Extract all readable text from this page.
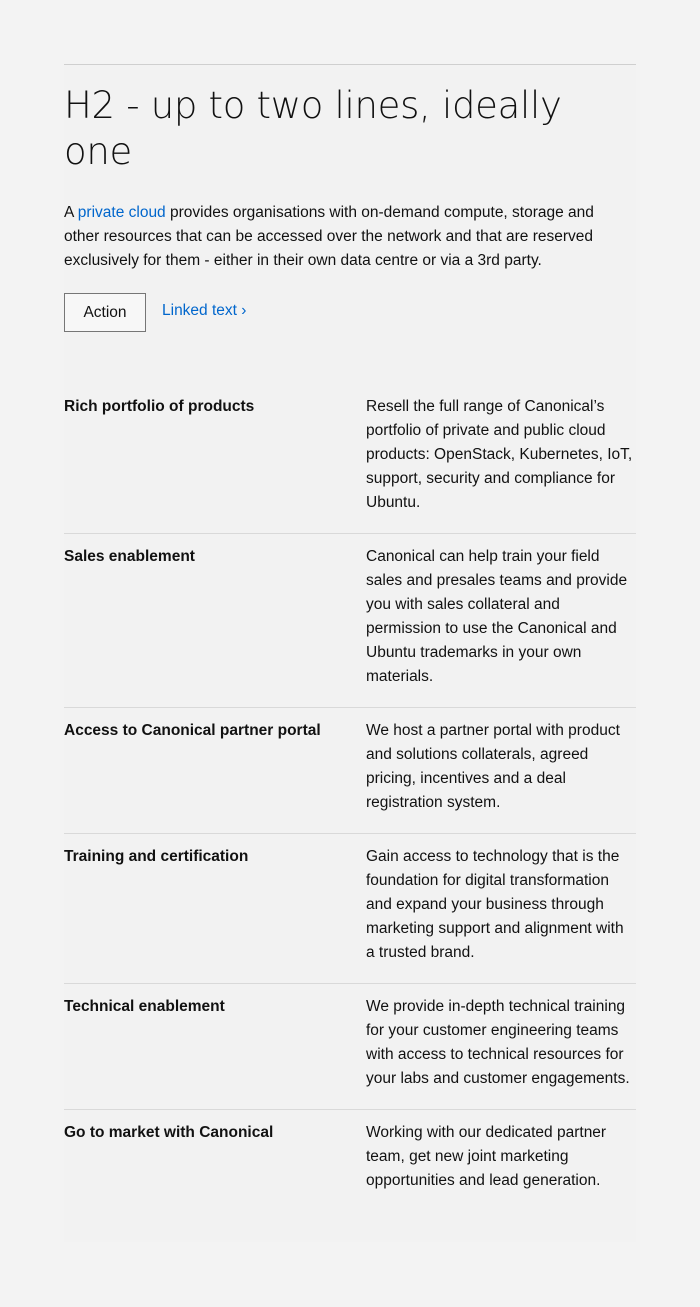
H2 - up to two lines, ideally one

A private cloud provides organisations with on-demand compute, storage and other resources that can be accessed over the network and that are reserved exclusively for them - either in their own data centre or via a 3rd party.

Action	Linked text ›
Rich portfolio of products	Resell the full range of Canonical’s portfolio of private and public cloud products: OpenStack, Kubernetes, IoT, support, security and compliance for Ubuntu.
Sales enablement	Canonical can help train your field sales and presales teams and provide you with sales collateral and permission to use the Canonical and Ubuntu trademarks in your own materials.
Access to Canonical partner portal	We host a partner portal with product and solutions collaterals, agreed pricing, incentives and a deal registration system.
Training and certification	Gain access to technology that is the foundation for digital transformation and expand your business through marketing support and alignment with a trusted brand.
Technical enablement	We provide in-depth technical training for your customer engineering teams with access to technical resources for your labs and customer engagements.
Go to market with Canonical	Working with our dedicated partner team, get new joint marketing opportunities and lead generation.
